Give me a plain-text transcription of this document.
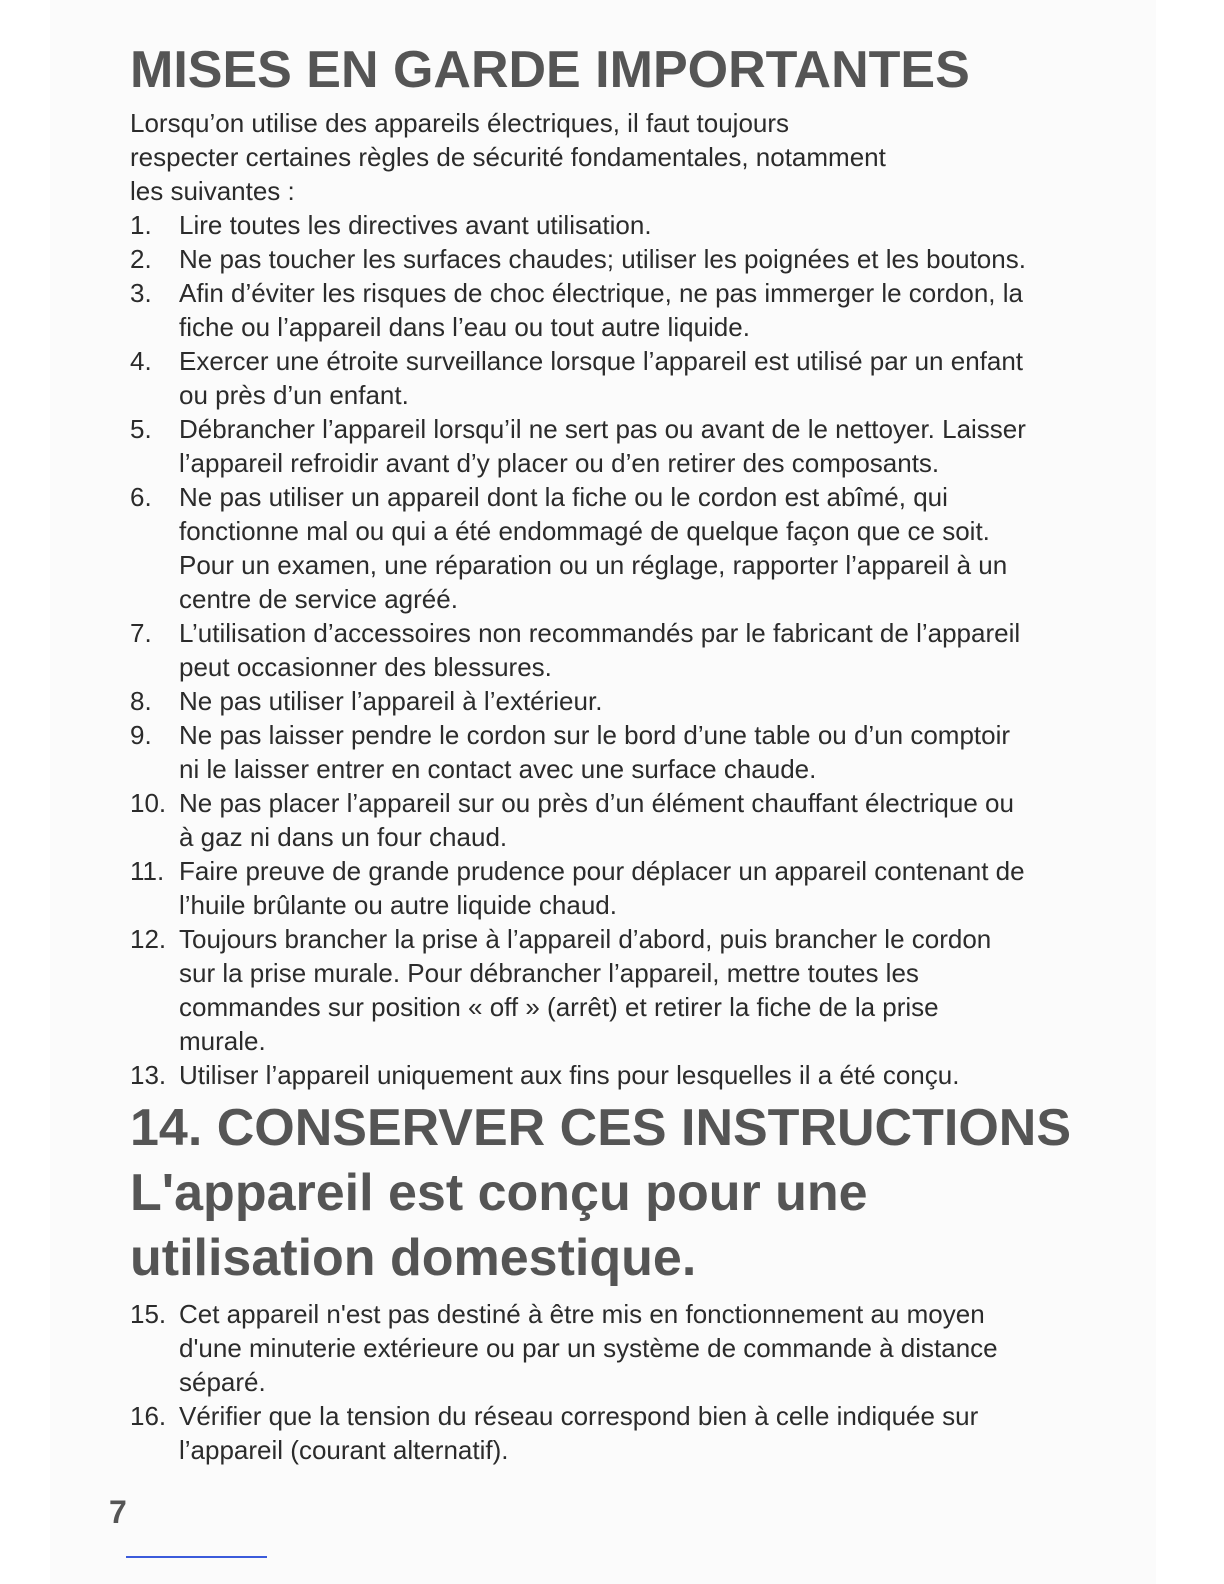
MISES EN GARDE IMPORTANTES
Lorsqu’on utilise des appareils électriques, il faut toujours
respecter certaines règles de sécurité fondamentales, notamment
les suivantes :
1. Lire toutes les directives avant utilisation.
2. Ne pas toucher les surfaces chaudes; utiliser les poignées et les boutons.
3. Afin d’éviter les risques de choc électrique, ne pas immerger le cordon, la
fiche ou l’appareil dans l’eau ou tout autre liquide.
4. Exercer une étroite surveillance lorsque l’appareil est utilisé par un enfant
ou près d’un enfant.
5. Débrancher l’appareil lorsqu’il ne sert pas ou avant de le nettoyer. Laisser
l’appareil refroidir avant d’y placer ou d’en retirer des composants.
6. Ne pas utiliser un appareil dont la fiche ou le cordon est abîmé, qui
fonctionne mal ou qui a été endommagé de quelque façon que ce soit.
Pour un examen, une réparation ou un réglage, rapporter l’appareil à un
centre de service agréé.
7. L’utilisation d’accessoires non recommandés par le fabricant de l’appareil
peut occasionner des blessures.
8. Ne pas utiliser l’appareil à l’extérieur.
9. Ne pas laisser pendre le cordon sur le bord d’une table ou d’un comptoir
ni le laisser entrer en contact avec une surface chaude.
10. Ne pas placer l’appareil sur ou près d’un élément chauffant électrique ou
à gaz ni dans un four chaud.
11. Faire preuve de grande prudence pour déplacer un appareil contenant de
l’huile brûlante ou autre liquide chaud.
12. Toujours brancher la prise à l’appareil d’abord, puis brancher le cordon
sur la prise murale. Pour débrancher l’appareil, mettre toutes les
commandes sur position « off » (arrêt) et retirer la fiche de la prise
murale.
13. Utiliser l’appareil uniquement aux fins pour lesquelles il a été conçu.
14. CONSERVER CES INSTRUCTIONS
L'appareil est conçu pour une
utilisation domestique.
15. Cet appareil n'est pas destiné à être mis en fonctionnement au moyen
d'une minuterie extérieure ou par un système de commande à distance
séparé.
16. Vérifier que la tension du réseau correspond bien à celle indiquée sur
l’appareil (courant alternatif).
7
